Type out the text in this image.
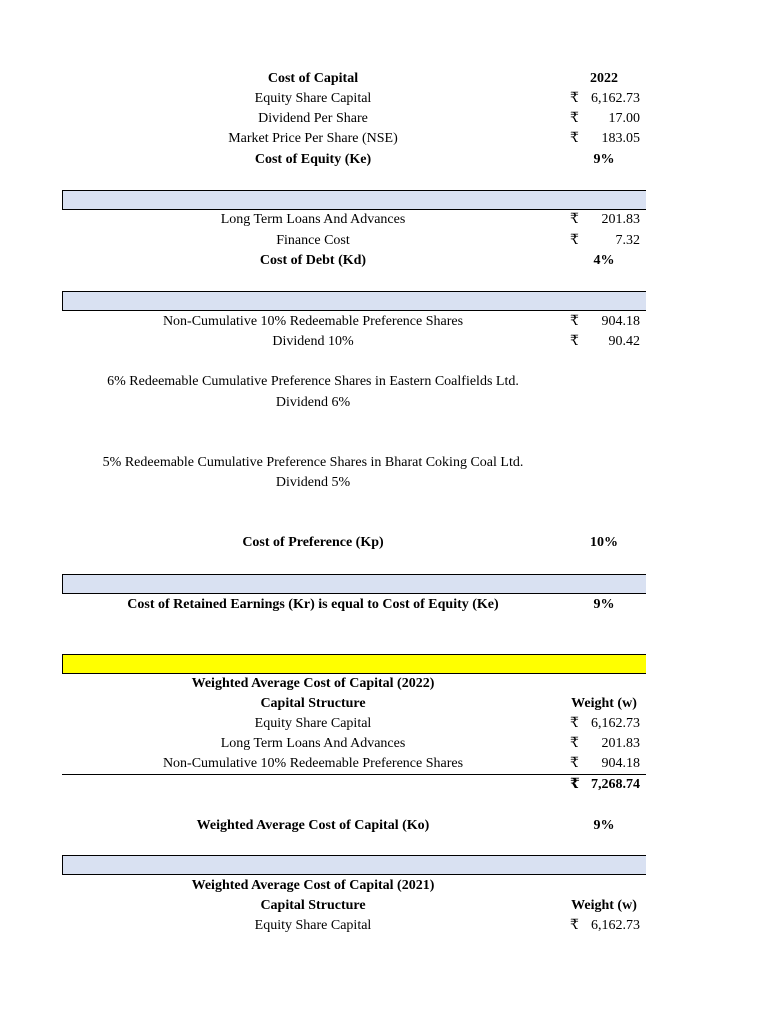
Cost of Capital	2022
Equity Share Capital	₹ 6,162.73
Dividend Per Share	₹	17.00
Market Price Per Share (NSE)	₹	183.05
Cost of Equity (Ke)	9%
Long Term Loans And Advances	₹	201.83
Finance Cost	₹	7.32
Cost of Debt (Kd)	4%
Non-Cumulative 10% Redeemable Preference Shares	₹	904.18
Dividend 10%	₹	90.42
6% Redeemable Cumulative Preference Shares in Eastern Coalfields Ltd.
Dividend 6%
5% Redeemable Cumulative Preference Shares in Bharat Coking Coal Ltd.
Dividend 5%
Cost of Preference (Kp)	10%
Cost of Retained Earnings (Kr) is equal to Cost of Equity (Ke)	9%
Weighted Average Cost of Capital (2022)
Capital Structure	Weight (w)
Equity Share Capital	₹ 6,162.73
Long Term Loans And Advances	₹	201.83
Non-Cumulative 10% Redeemable Preference Shares	₹	904.18
₹ 7,268.74
Weighted Average Cost of Capital (Ko)	9%
Weighted Average Cost of Capital (2021)
Capital Structure	Weight (w)
Equity Share Capital	₹ 6,162.73
